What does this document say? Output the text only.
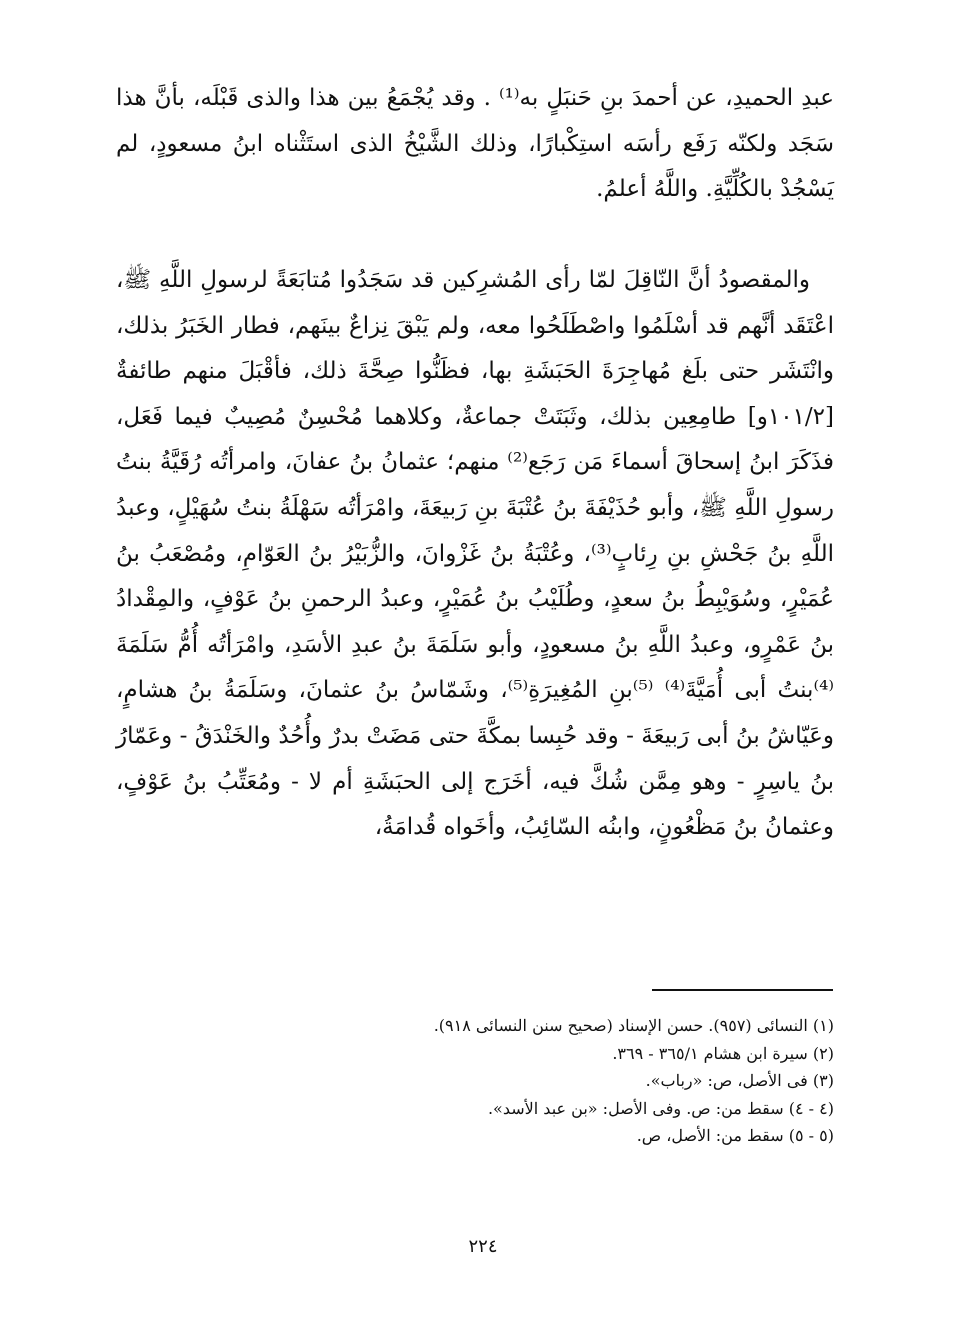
عبدِ الحميدِ، عن أحمدَ بنِ حَنبَلٍ به⁽¹⁾ . وقد يُجْمَعُ بين هذا والذى قَبْلَه، بأنَّ هذا سَجَد ولكنّه رَفَع رأسَه استِكْبارًا، وذلك الشَّيْخُ الذى استَثْناه ابنُ مسعودٍ، لم يَسْجُدْ بالكُلِّيَّةِ. واللَّهُ أعلمُ.

والمقصودُ أنَّ النّاقِلَ لمّا رأى المُشرِكين قد سَجَدُوا مُتابَعَةً لرسولِ اللَّهِ ﷺ، اعْتَقَد أنَّهم قد أسْلَمُوا واصْطَلَحُوا معه، ولم يَبْقَ نِزاعٌ بينَهم، فطار الخَبَرُ بذلك، وانْتَشَر حتى بلَغ مُهاجِرَةَ الحَبَشَةِ بها، فظَنُّوا صِحَّةَ ذلك، فأقْبَلَ منهم طائفةٌ [١٠١/٢و] طامِعِين بذلك، وثَبَتَتْ جماعةٌ، وكلاهما مُحْسِنٌ مُصِيبٌ فيما فَعَل، فذَكَرَ ابنُ إسحاقَ أسماءَ مَن رَجَع⁽²⁾ منهم؛ عثمانُ بنُ عفانَ، وامرأتُه رُقَيَّةُ بنتُ رسولِ اللَّهِ ﷺ، وأبو حُذَيْفَةَ بنُ عُتْبَةَ بنِ رَبيعَةَ، وامْرَأتُه سَهْلَةُ بنتُ سُهَيْلٍ، وعبدُ اللَّهِ بنُ جَحْشِ بنِ رِئابٍ⁽³⁾، وعُتْبَةُ بنُ غَزْوانَ، والزُّبَيْرُ بنُ العَوّامِ، ومُصْعَبُ بنُ عُمَيْرٍ، وسُوَيْبِطُ بنُ سعدٍ، وطُلَيْبُ بنُ عُمَيْرٍ، وعبدُ الرحمنِ بنُ عَوْفٍ، والمِقْدادُ بنُ عَمْرٍو، وعبدُ اللَّهِ بنُ مسعودٍ، وأبو سَلَمَةَ بنُ عبدِ الأسَدِ، وامْرَأتُه أُمُّ سَلَمَةَ ⁽⁴⁾بنتُ أبى أُمَيَّةَ⁽⁴⁾ ⁽⁵⁾بنِ المُغِيرَةِ⁽⁵⁾، وشَمّاسُ بنُ عثمانَ، وسَلَمَةُ بنُ هشامٍ، وعَيّاشُ بنُ أبى رَبيعَةَ - وقد حُبِسا بمكَّةَ حتى مَضَتْ بدرٌ وأُحُدٌ والخَنْدَقُ - وعَمّارُ بنُ ياسِرٍ - وهو مِمَّن شُكَّ فيه، أخَرَج إلى الحبَشَةِ أم لا - ومُعَتِّبُ بنُ عَوْفٍ، وعثمانُ بنُ مَظْعُونٍ، وابنُه السّائِبُ، وأخَواه قُدامَةُ،

(١) النسائى (٩٥٧). حسن الإسناد (صحيح سنن النسائى ٩١٨).
(٢) سيرة ابن هشام ٣٦٥/١ - ٣٦٩.
(٣) فى الأصل، ص: «رباب».
(٤ - ٤) سقط من: ص. وفى الأصل: «بن عبد الأسد».
(٥ - ٥) سقط من: الأصل، ص.
٢٢٤
